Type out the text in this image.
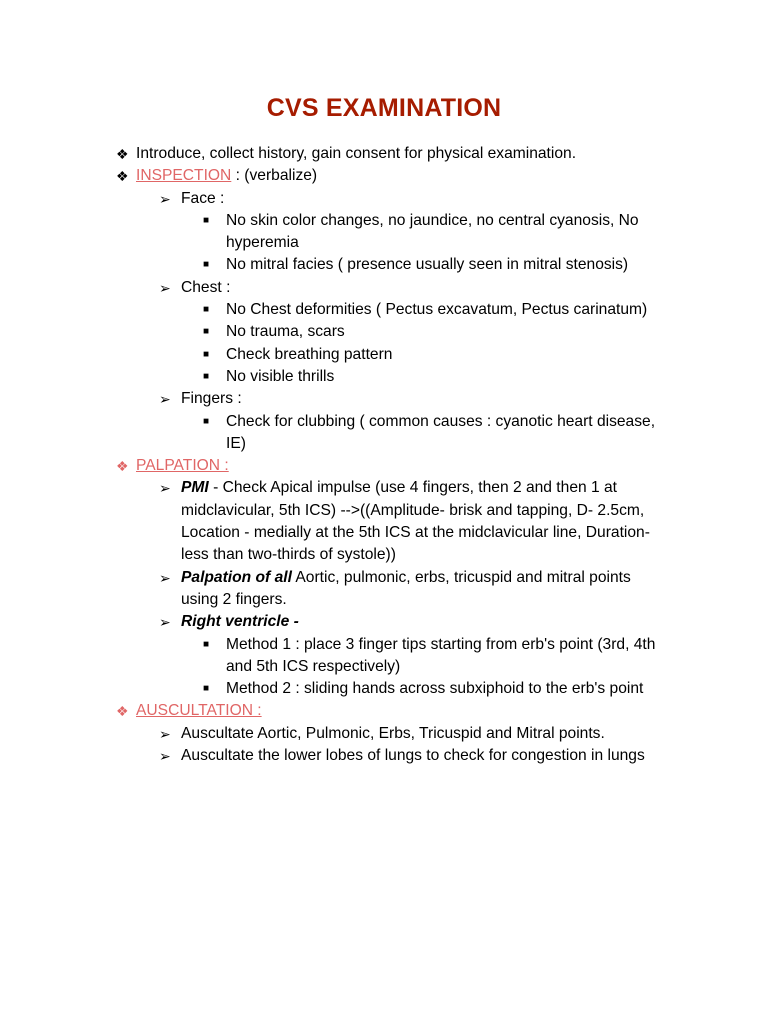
CVS EXAMINATION
❖ Introduce, collect history, gain consent for physical examination.
❖ INSPECTION : (verbalize)
➢ Face :
■ No skin color changes, no jaundice, no central cyanosis, No
hyperemia
■ No mitral facies ( presence usually seen in mitral stenosis)
➢ Chest :
■ No Chest deformities ( Pectus excavatum, Pectus carinatum)
■ No trauma, scars
■ Check breathing pattern
■ No visible thrills
➢ Fingers :
■ Check for clubbing ( common causes : cyanotic heart disease,
IE)
❖ PALPATION :
➢ PMI - Check Apical impulse (use 4 fingers, then 2 and then 1 at
midclavicular, 5th ICS) -->((Amplitude- brisk and tapping, D- 2.5cm,
Location - medially at the 5th ICS at the midclavicular line, Duration-
less than two-thirds of systole))
➢ Palpation of all Aortic, pulmonic, erbs, tricuspid and mitral points
using 2 fingers.
➢ Right ventricle -
■ Method 1 : place 3 finger tips starting from erb's point (3rd, 4th
and 5th ICS respectively)
■ Method 2 : sliding hands across subxiphoid to the erb's point
❖ AUSCULTATION :
➢ Auscultate Aortic, Pulmonic, Erbs, Tricuspid and Mitral points.
➢ Auscultate the lower lobes of lungs to check for congestion in lungs
